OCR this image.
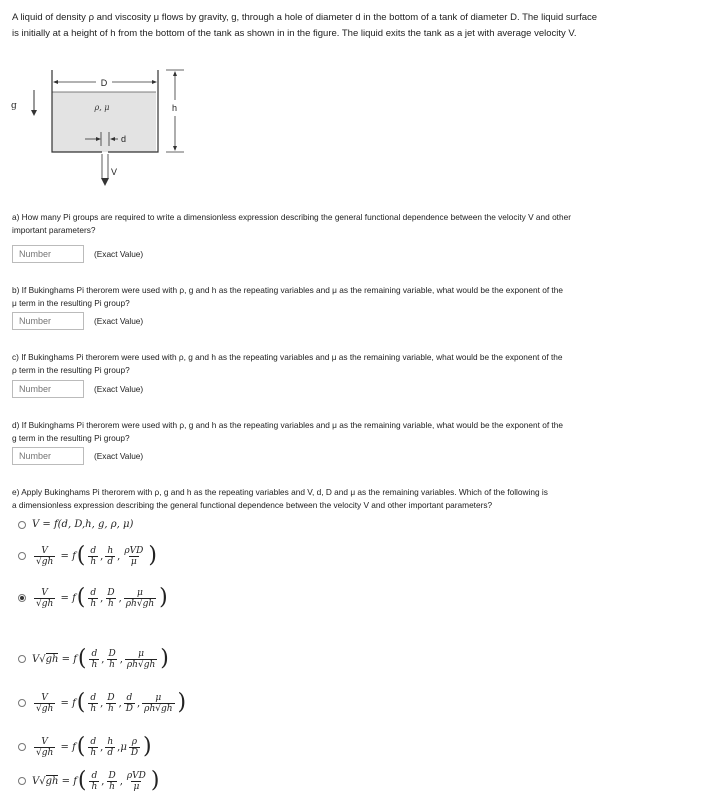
A liquid of density ρ and viscosity μ flows by gravity, g, through a hole of diameter d in the bottom of a tank of diameter D. The liquid surface
is initially at a height of h from the bottom of the tank as shown in in the figure. The liquid exits the tank as a jet with average velocity V.
g
D
ρ, μ	h
d
V
a) How many Pi groups are required to write a dimensionless expression describing the general functional dependence between the velocity V and other
important parameters?
Number
(Exact Value)
b) If Bukinghams Pi therorem were used with ρ, g and h as the repeating variables and μ as the remaining variable, what would be the exponent of the
μ term in the resulting Pi group?
Number
(Exact Value)
c) If Bukinghams Pi therorem were used with ρ, g and h as the repeating variables and μ as the remaining variable, what would be the exponent of the
ρ term in the resulting Pi group?
Number
(Exact Value)
d) If Bukinghams Pi therorem were used with ρ, g and h as the repeating variables and μ as the remaining variable, what would be the exponent of the
g term in the resulting Pi group?
Number
(Exact Value)
e) Apply Bukinghams Pi therorem with ρ, g and h as the repeating variables and V, d, D and μ as the remaining variables. Which of the following is
a dimensionless expression describing the general functional dependence between the velocity V and other important parameters?
V = f(d, D,h, g, ρ, μ)
$\frac{V}{√gh} = f$ ( $\frac{d}{h}$ , $\frac{h}{d}$ , $\frac{\text{ρVD}}{\mu}$ )
$\frac{V}{√gh} = f$ ( $\frac{d}{h}$ , $\frac{D}{h}$ , $\frac{\mu}{\rho h√gh}$ )
V√gh = f ( $\frac{d}{h}$ , $\frac{D}{h}$ , $\frac{\mu}{\rho h√gh}$ )
$\frac{V}{√gh} = f$ ( $\frac{d}{h}$ , $\frac{D}{h}$ , $\frac{d}{D}$ , $\frac{\mu}{\rho h√gh}$ )
$\frac{V}{√gh} = f$ ( $\frac{d}{h}$ , $\frac{h}{d}$ , μ $\frac{\rho}{D}$ )
V√gh = f ( $\frac{d}{h}$ , $\frac{D}{h}$ , $\frac{\text{ρVD}}{\mu}$ )
